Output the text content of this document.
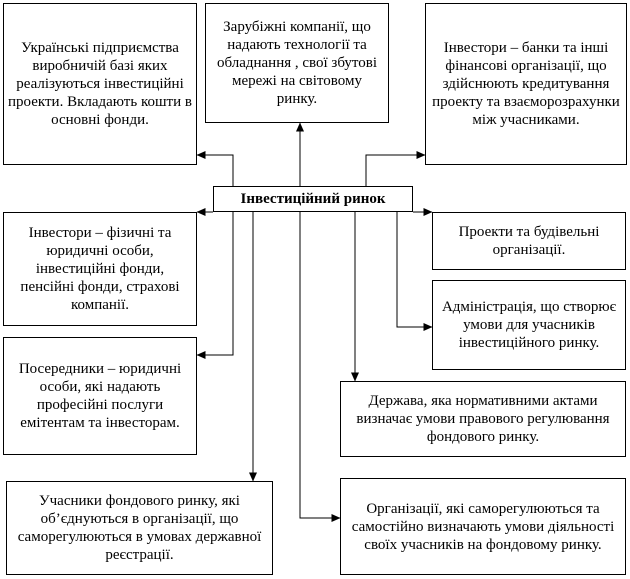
Інвестиційний ринок
Українські підприємства виробничій базі яких реалізуються інвестиційні проекти. Вкладають кошти в основні фонди.
Зарубіжні компанії, що надають технології та обладнання , свої збутові мережі на світовому ринку.
Інвестори – банки та інші фінансові організації, що здійснюють кредитування проекту та взаєморозрахунки між учасниками.
Інвестори – фізичні та юридичні особи, інвестиційні фонди, пенсійні фонди, страхові компанії.
Проекти та будівельні організації.
Адміністрація, що створює умови для учасників інвестиційного ринку.
Посередники – юридичні особи, які надають професійні послуги емітентам та інвесторам.
Держава, яка нормативними актами визначає умови правового регулювання фондового ринку.
Учасники фондового ринку, які об’єднуються в організації, що саморегулюються в умовах державної реєстрації.
Організації, які саморегулюються та самостійно визначають умови діяльності своїх учасників на фондовому ринку.
